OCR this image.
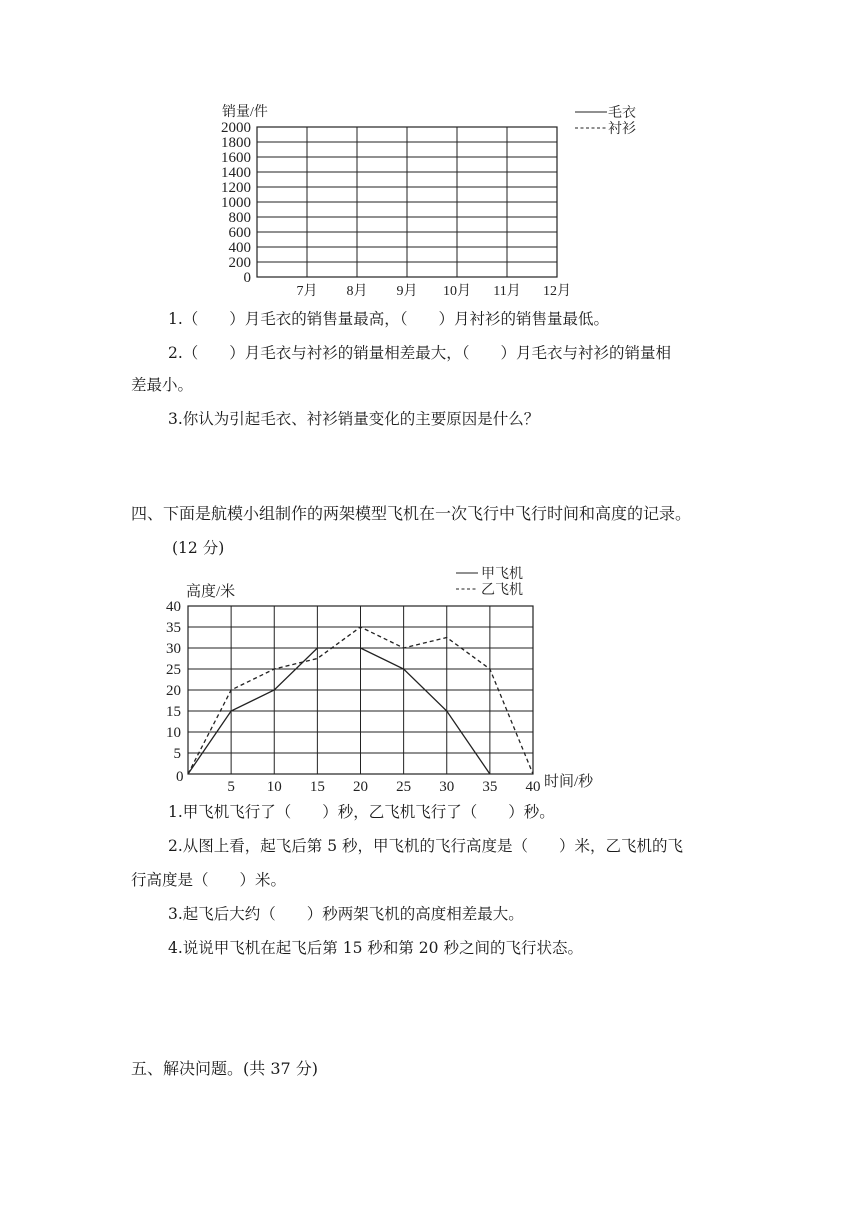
0
200
400
600
800
1000
1200
1400
1600
1800
2000
7月 8月 9月 10月 11月 12月
销量/件	毛衣
衬衫
5
10
15
20
25
30
35
40
5 10 15 20 25 30 35 40
高度/米
时间/秒
0
甲飞机
乙飞机
1.（　　）月毛衣的销售量最高，（　　）月衬衫的销售量最低。
2.（　　）月毛衣与衬衫的销量相差最大，（　　）月毛衣与衬衫的销量相
差最小。
3.你认为引起毛衣、衬衫销量变化的主要原因是什么？
四、下面是航模小组制作的两架模型飞机在一次飞行中飞行时间和高度的记录。
(12 分)
1.甲飞机飞行了（　　）秒，乙飞机飞行了（　　）秒。
2.从图上看，起飞后第 5 秒，甲飞机的飞行高度是（　　）米，乙飞机的飞
行高度是（　　）米。
3.起飞后大约（　　）秒两架飞机的高度相差最大。
4.说说甲飞机在起飞后第 15 秒和第 20 秒之间的飞行状态。
五、解决问题。(共 37 分)
